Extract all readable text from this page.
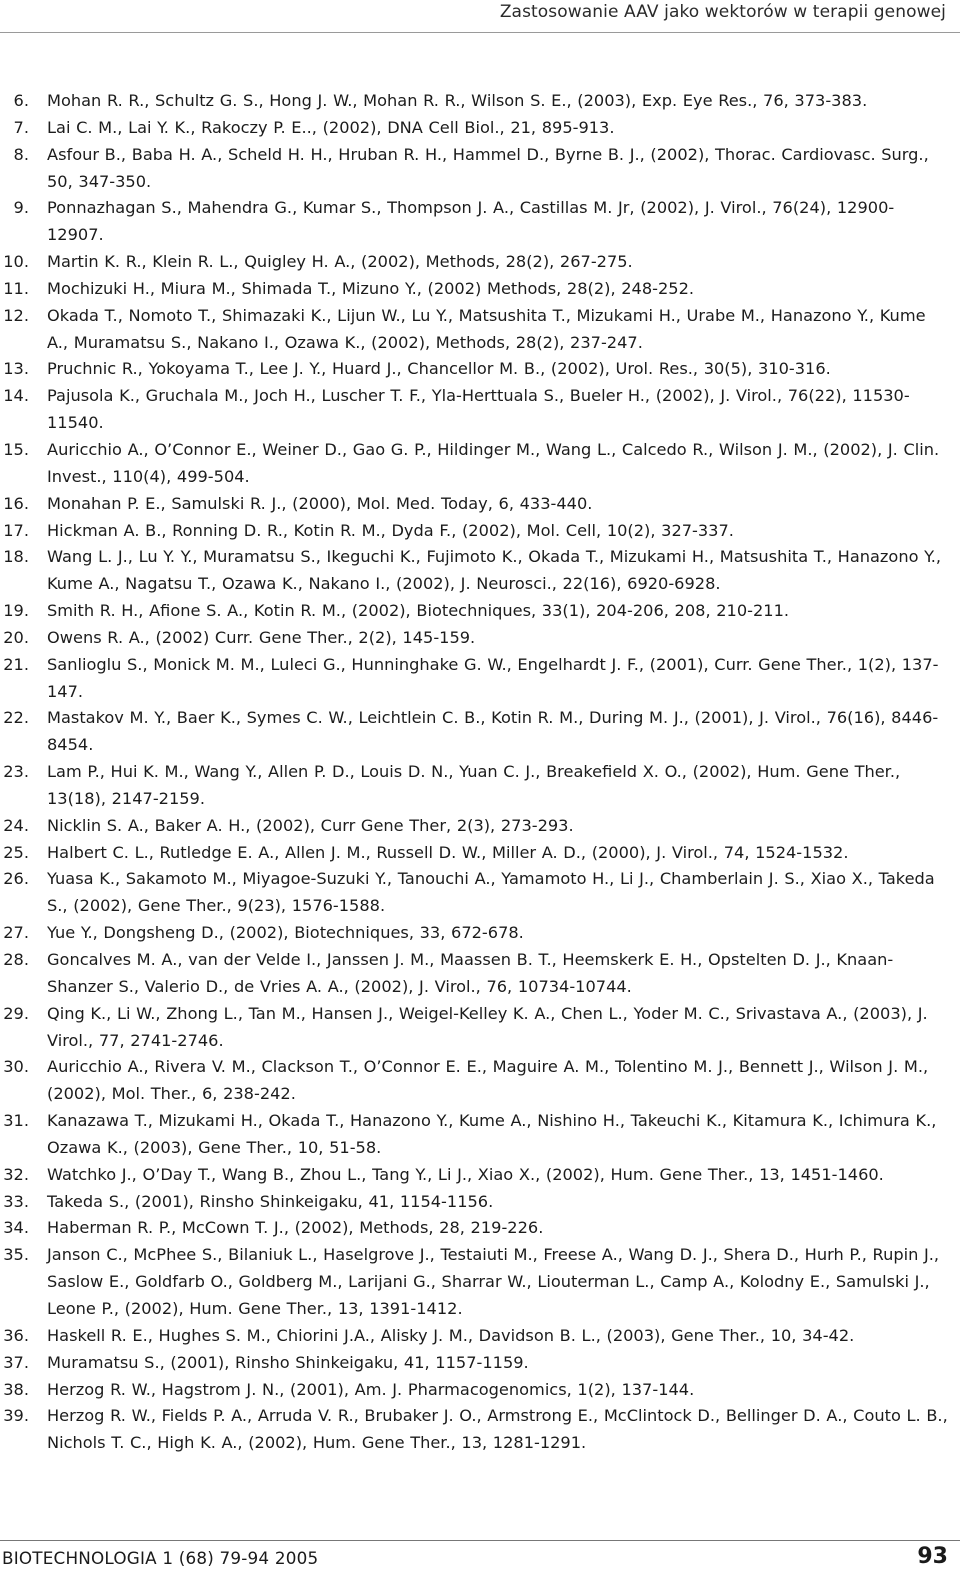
Zastosowanie AAV jako wektorów w terapii genowej
6. Mohan R. R., Schultz G. S., Hong J. W., Mohan R. R., Wilson S. E., (2003), Exp. Eye Res., 76, 373-383.
7. Lai C. M., Lai Y. K., Rakoczy P. E.., (2002), DNA Cell Biol., 21, 895-913.
8. Asfour B., Baba H. A., Scheld H. H., Hruban R. H., Hammel D., Byrne B. J., (2002), Thorac. Cardiovasc. Surg., 50, 347-350.
9. Ponnazhagan S., Mahendra G., Kumar S., Thompson J. A., Castillas M. Jr, (2002), J. Virol., 76(24), 12900-12907.
10. Martin K. R., Klein R. L., Quigley H. A., (2002), Methods, 28(2), 267-275.
11. Mochizuki H., Miura M., Shimada T., Mizuno Y., (2002) Methods, 28(2), 248-252.
12. Okada T., Nomoto T., Shimazaki K., Lijun W., Lu Y., Matsushita T., Mizukami H., Urabe M., Hanazono Y., Kume A., Muramatsu S., Nakano I., Ozawa K., (2002), Methods, 28(2), 237-247.
13. Pruchnic R., Yokoyama T., Lee J. Y., Huard J., Chancellor M. B., (2002), Urol. Res., 30(5), 310-316.
14. Pajusola K., Gruchala M., Joch H., Luscher T. F., Yla-Herttuala S., Bueler H., (2002), J. Virol., 76(22), 11530-11540.
15. Auricchio A., O’Connor E., Weiner D., Gao G. P., Hildinger M., Wang L., Calcedo R., Wilson J. M., (2002), J. Clin. Invest., 110(4), 499-504.
16. Monahan P. E., Samulski R. J., (2000), Mol. Med. Today, 6, 433-440.
17. Hickman A. B., Ronning D. R., Kotin R. M., Dyda F., (2002), Mol. Cell, 10(2), 327-337.
18. Wang L. J., Lu Y. Y., Muramatsu S., Ikeguchi K., Fujimoto K., Okada T., Mizukami H., Matsushita T., Hanazono Y., Kume A., Nagatsu T., Ozawa K., Nakano I., (2002), J. Neurosci., 22(16), 6920-6928.
19. Smith R. H., Afione S. A., Kotin R. M., (2002), Biotechniques, 33(1), 204-206, 208, 210-211.
20. Owens R. A., (2002) Curr. Gene Ther., 2(2), 145-159.
21. Sanlioglu S., Monick M. M., Luleci G., Hunninghake G. W., Engelhardt J. F., (2001), Curr. Gene Ther., 1(2), 137-147.
22. Mastakov M. Y., Baer K., Symes C. W., Leichtlein C. B., Kotin R. M., During M. J., (2001), J. Virol., 76(16), 8446-8454.
23. Lam P., Hui K. M., Wang Y., Allen P. D., Louis D. N., Yuan C. J., Breakefield X. O., (2002), Hum. Gene Ther., 13(18), 2147-2159.
24. Nicklin S. A., Baker A. H., (2002), Curr Gene Ther, 2(3), 273-293.
25. Halbert C. L., Rutledge E. A., Allen J. M., Russell D. W., Miller A. D., (2000), J. Virol., 74, 1524-1532.
26. Yuasa K., Sakamoto M., Miyagoe-Suzuki Y., Tanouchi A., Yamamoto H., Li J., Chamberlain J. S., Xiao X., Takeda S., (2002), Gene Ther., 9(23), 1576-1588.
27. Yue Y., Dongsheng D., (2002), Biotechniques, 33, 672-678.
28. Goncalves M. A., van der Velde I., Janssen J. M., Maassen B. T., Heemskerk E. H., Opstelten D. J., Knaan-Shanzer S., Valerio D., de Vries A. A., (2002), J. Virol., 76, 10734-10744.
29. Qing K., Li W., Zhong L., Tan M., Hansen J., Weigel-Kelley K. A., Chen L., Yoder M. C., Srivastava A., (2003), J. Virol., 77, 2741-2746.
30. Auricchio A., Rivera V. M., Clackson T., O’Connor E. E., Maguire A. M., Tolentino M. J., Bennett J., Wilson J. M., (2002), Mol. Ther., 6, 238-242.
31. Kanazawa T., Mizukami H., Okada T., Hanazono Y., Kume A., Nishino H., Takeuchi K., Kitamura K., Ichimura K., Ozawa K., (2003), Gene Ther., 10, 51-58.
32. Watchko J., O’Day T., Wang B., Zhou L., Tang Y., Li J., Xiao X., (2002), Hum. Gene Ther., 13, 1451-1460.
33. Takeda S., (2001), Rinsho Shinkeigaku, 41, 1154-1156.
34. Haberman R. P., McCown T. J., (2002), Methods, 28, 219-226.
35. Janson C., McPhee S., Bilaniuk L., Haselgrove J., Testaiuti M., Freese A., Wang D. J., Shera D., Hurh P., Rupin J., Saslow E., Goldfarb O., Goldberg M., Larijani G., Sharrar W., Liouterman L., Camp A., Kolodny E., Samulski J., Leone P., (2002), Hum. Gene Ther., 13, 1391-1412.
36. Haskell R. E., Hughes S. M., Chiorini J.A., Alisky J. M., Davidson B. L., (2003), Gene Ther., 10, 34-42.
37. Muramatsu S., (2001), Rinsho Shinkeigaku, 41, 1157-1159.
38. Herzog R. W., Hagstrom J. N., (2001), Am. J. Pharmacogenomics, 1(2), 137-144.
39. Herzog R. W., Fields P. A., Arruda V. R., Brubaker J. O., Armstrong E., McClintock D., Bellinger D. A., Couto L. B., Nichols T. C., High K. A., (2002), Hum. Gene Ther., 13, 1281-1291.
BIOTECHNOLOGIA 1 (68) 79-94 2005	93
